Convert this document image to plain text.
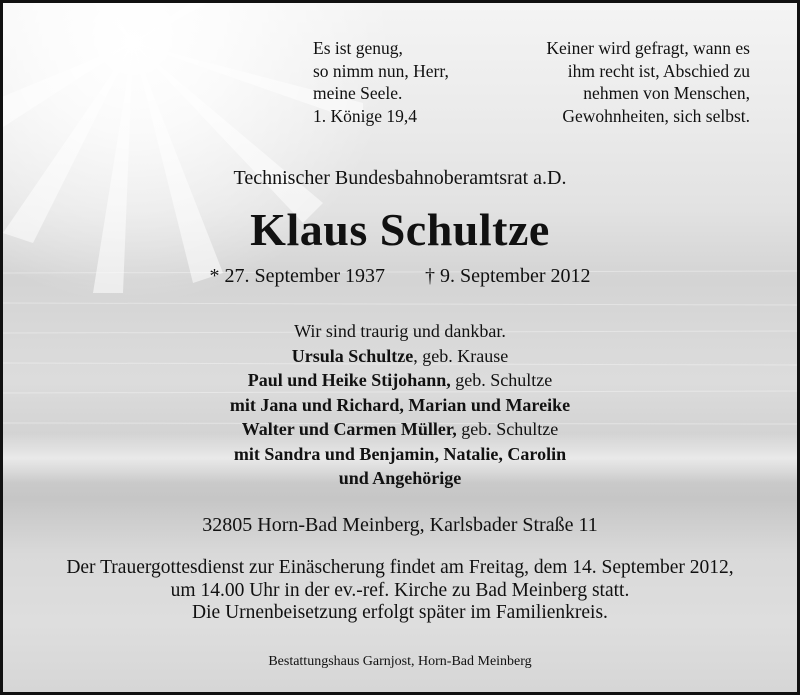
Es ist genug,

so nimm nun, Herr,

meine Seele.

1. Könige 19,4

Keiner wird gefragt, wann es

ihm recht ist, Abschied zu

nehmen von Menschen,

Gewohnheiten, sich selbst.

Technischer Bundesbahnoberamtsrat a.D.
Klaus Schultze
* 27. September 1937 † 9. September 2012

Wir sind traurig und dankbar.

Ursula Schultze, geb. Krause

Paul und Heike Stijohann, geb. Schultze

mit Jana und Richard, Marian und Mareike

Walter und Carmen Müller, geb. Schultze

mit Sandra und Benjamin, Natalie, Carolin

und Angehörige

32805 Horn-Bad Meinberg, Karlsbader Straße 11

Der Trauergottesdienst zur Einäscherung findet am Freitag, dem 14. September 2012,

um 14.00 Uhr in der ev.-ref. Kirche zu Bad Meinberg statt.

Die Urnenbeisetzung erfolgt später im Familienkreis.

Bestattungshaus Garnjost, Horn-Bad Meinberg
